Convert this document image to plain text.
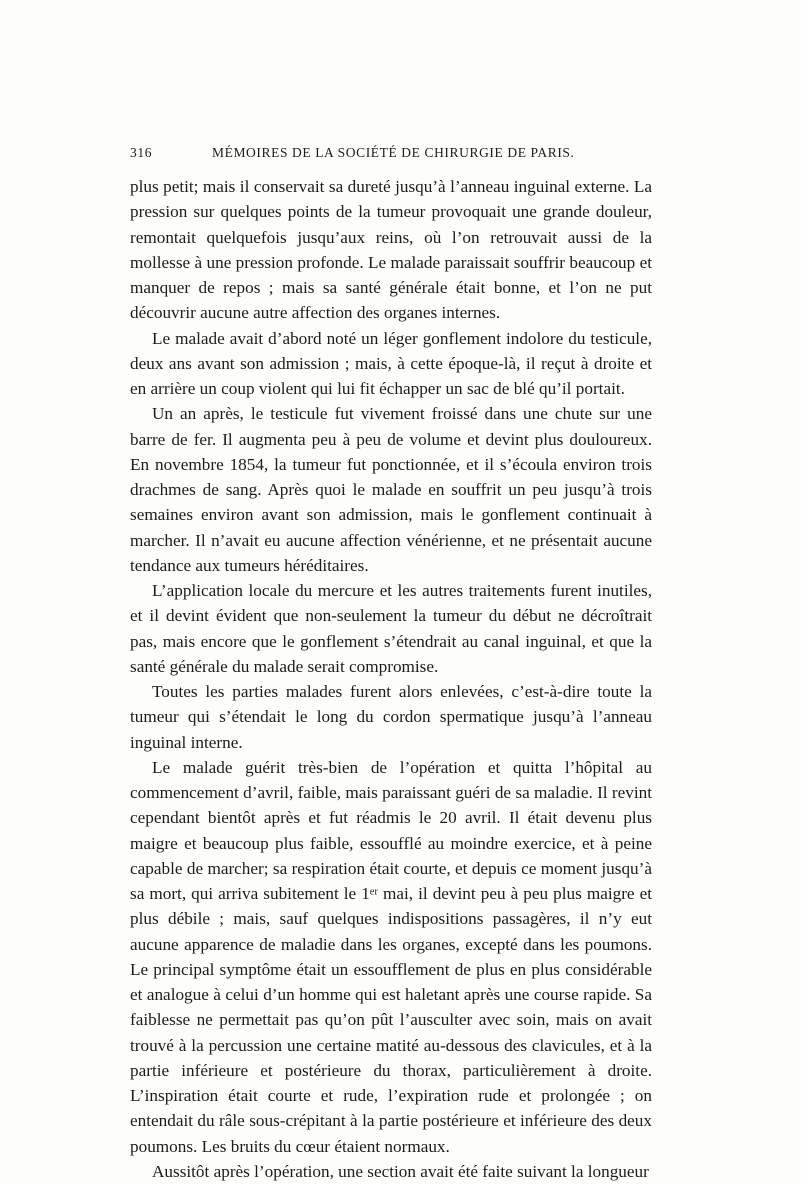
316	MÉMOIRES DE LA SOCIÉTÉ DE CHIRURGIE DE PARIS.

plus petit; mais il conservait sa dureté jusqu’à l’anneau inguinal externe. La pression sur quelques points de la tumeur provoquait une grande douleur, remontait quelquefois jusqu’aux reins, où l’on retrouvait aussi de la mollesse à une pression profonde. Le malade paraissait souffrir beaucoup et manquer de repos ; mais sa santé générale était bonne, et l’on ne put découvrir aucune autre affection des organes internes.

Le malade avait d’abord noté un léger gonflement indolore du testicule, deux ans avant son admission ; mais, à cette époque-là, il reçut à droite et en arrière un coup violent qui lui fit échapper un sac de blé qu’il portait.

Un an après, le testicule fut vivement froissé dans une chute sur une barre de fer. Il augmenta peu à peu de volume et devint plus douloureux. En novembre 1854, la tumeur fut ponctionnée, et il s’écoula environ trois drachmes de sang. Après quoi le malade en souffrit un peu jusqu’à trois semaines environ avant son admission, mais le gonflement continuait à marcher. Il n’avait eu aucune affection vénérienne, et ne présentait aucune tendance aux tumeurs héréditaires.

L’application locale du mercure et les autres traitements furent inutiles, et il devint évident que non-seulement la tumeur du début ne décroîtrait pas, mais encore que le gonflement s’étendrait au canal inguinal, et que la santé générale du malade serait compromise.

Toutes les parties malades furent alors enlevées, c’est-à-dire toute la tumeur qui s’étendait le long du cordon spermatique jusqu’à l’anneau inguinal interne.

Le malade guérit très-bien de l’opération et quitta l’hôpital au commencement d’avril, faible, mais paraissant guéri de sa maladie. Il revint cependant bientôt après et fut réadmis le 20 avril. Il était devenu plus maigre et beaucoup plus faible, essoufflé au moindre exercice, et à peine capable de marcher; sa respiration était courte, et depuis ce moment jusqu’à sa mort, qui arriva subitement le 1ᵉʳ mai, il devint peu à peu plus maigre et plus débile ; mais, sauf quelques indispositions passagères, il n’y eut aucune apparence de maladie dans les organes, excepté dans les poumons. Le principal symptôme était un essoufflement de plus en plus considérable et analogue à celui d’un homme qui est haletant après une course rapide. Sa faiblesse ne permettait pas qu’on pût l’ausculter avec soin, mais on avait trouvé à la percussion une certaine matité au-dessous des clavicules, et à la partie inférieure et postérieure du thorax, particulièrement à droite. L’inspiration était courte et rude, l’expiration rude et prolongée ; on entendait du râle sous-crépitant à la partie postérieure et inférieure des deux poumons. Les bruits du cœur étaient normaux.

Aussitôt après l’opération, une section avait été faite suivant la longueur
